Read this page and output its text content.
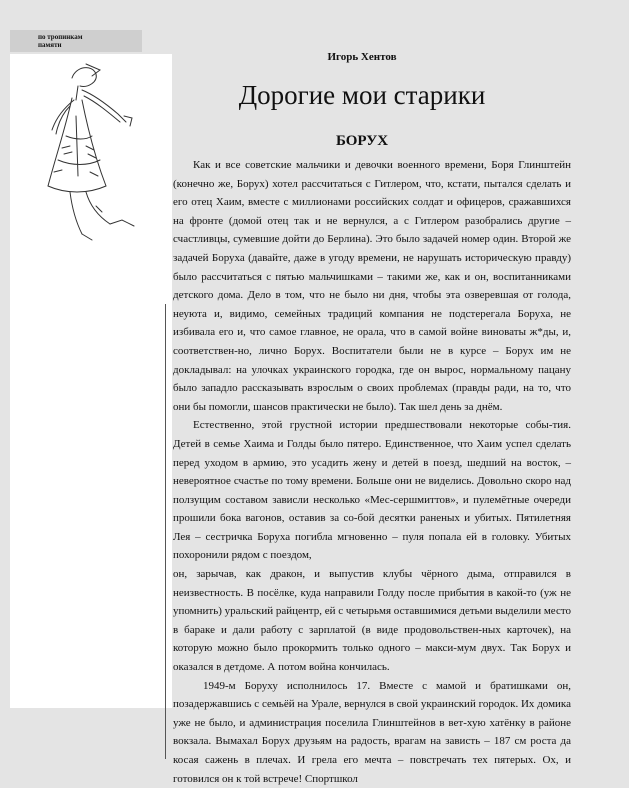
по тропинкам
памяти
Игорь Хентов
Дорогие мои старики
БОРУХ

Как и все советские мальчики и девочки военного времени, Боря Глинштейн (конечно же, Борух) хотел рассчитаться с Гитлером, что, кстати, пытался сделать и его отец Хаим, вместе с миллионами российских солдат и офицеров, сражавшихся на фронте (домой отец так и не вернулся, а с Гитлером разобрались другие – счастливцы, сумевшие дойти до Берлина). Это было задачей номер один. Второй же задачей Боруха (давайте, даже в угоду времени, не нарушать историческую правду) было рассчитаться с пятью мальчишками – такими же, как и он, воспитанниками детского дома. Дело в том, что не было ни дня, чтобы эта озверевшая от голода, неуюта и, видимо, семейных традиций компания не подстерегала Боруха, не избивала его и, что самое главное, не орала, что в самой войне виноваты ж*ды, и, соответствен-но, лично Борух. Воспитатели были не в курсе – Борух им не докладывал: на улочках украинского городка, где он вырос, нормальному пацану было западло рассказывать взрослым о своих проблемах (правды ради, на то, что они бы помогли, шансов практически не было). Так шел день за днём.

Естественно, этой грустной истории предшествовали некоторые собы-тия. Детей в семье Хаима и Голды было пятеро. Единственное, что Хаим успел сделать перед уходом в армию, это усадить жену и детей в поезд, шедший на восток, – невероятное счастье по тому времени. Больше они не виделись. Довольно скоро над ползущим составом зависли несколько «Мес-сершмиттов», и пулемётные очереди прошили бока вагонов, оставив за со-бой десятки раненых и убитых. Пятилетняя Лея – сестричка Боруха погибла мгновенно – пуля попала ей в головку. Убитых похоронили рядом с поездом,

он, зарычав, как дракон, и выпустив клубы чёрного дыма, отправился в неизвестность. В посёлке, куда направили Голду после прибытия в какой-то (уж не упомнить) уральский райцентр, ей с четырьмя оставшимися детьми выделили место в бараке и дали работу с зарплатой (в виде продовольствен-ных карточек), на которую можно было прокормить только одного – макси-мум двух. Так Борух и оказался в детдоме. А потом война кончилась.

1949-м Боруху исполнилось 17. Вместе с мамой и братишками он, позадержавшись с семьёй на Урале, вернулся в свой украинский городок. Их домика уже не было, и администрация поселила Глинштейнов в вет-хую хатёнку в районе вокзала. Вымахал Борух друзьям на радость, врагам на зависть – 187 см роста да косая сажень в плечах. И грела его мечта – повстречать тех пятерых. Ох, и готовился он к той встрече! Спортшкол
